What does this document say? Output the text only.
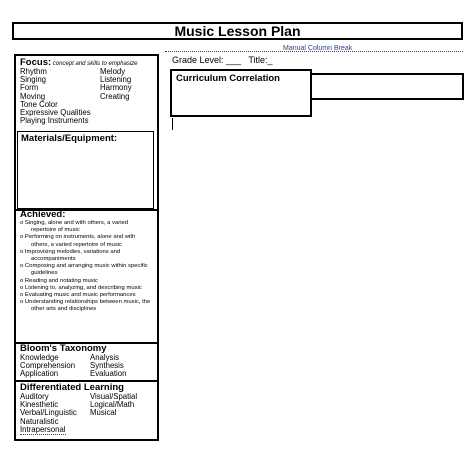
Music Lesson Plan
Focus: concept and skills to emphasize
Rhythm
Singing
Form
Moving
Tone Color
Expressive Qualities
Playing Instruments
Melody
Listening
Harmony
Creating
Materials/Equipment:
Achieved:
o Singing, alone and with others, a varied repertoire of music
o Performing on instruments, alone and with others, a varied repertoire of music
o Improvising melodies, variations and accompaniments
o Composing and arranging music within specific guidelines
o Reading and notating music
o Listening to, analyzing, and describing music
o Evaluating music and music performances
o Understanding relationships between music, the other arts and disciplines
Bloom's Taxonomy
Knowledge
Comprehension
Application
Analysis
Synthesis
Evaluation
Differentiated Learning
Auditory
Kinesthetic
Verbal/Linguistic
Naturalistic
Intrapersonal
Visual/Spatial
Logical/Math
Musical
Manual Column Break
Grade Level: ___   Title:_
Curriculum Correlation
